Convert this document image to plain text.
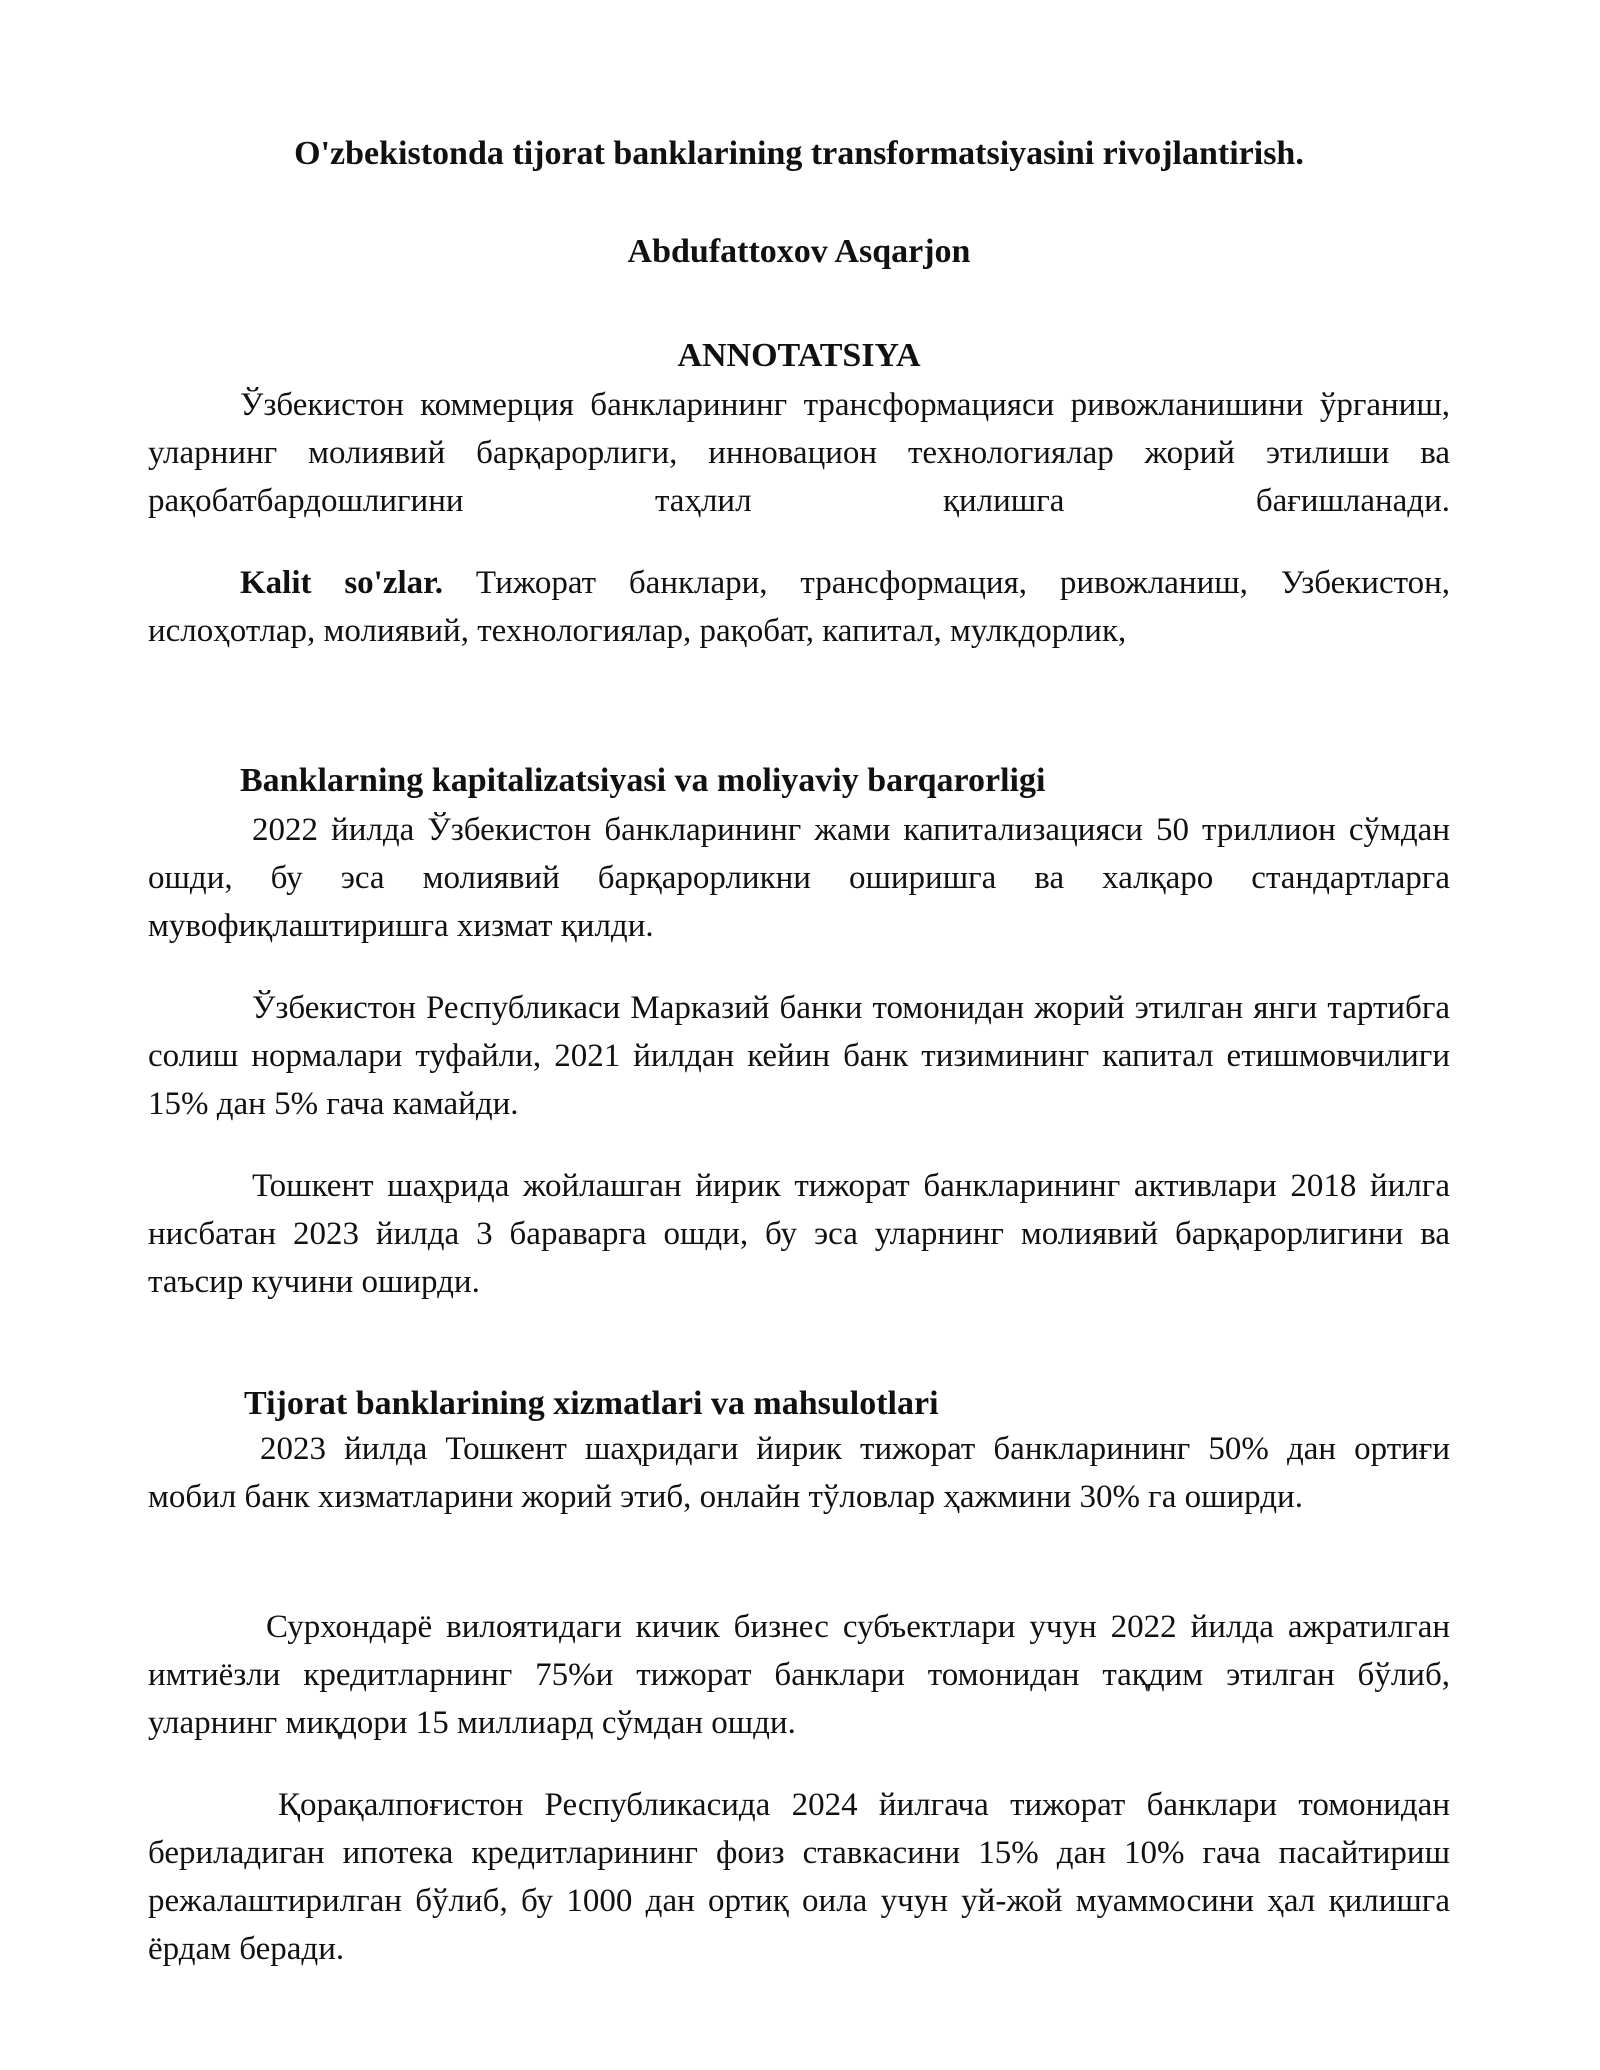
O'zbekistonda tijorat banklarining transformatsiyasini rivojlantirish.

Abdufattoxov Asqarjon

ANNOTATSIYA

Ўзбекистон коммерция банкларининг трансформацияси ривожланишини ўрганиш, уларнинг молиявий барқарорлиги, инновацион технологиялар жорий этилиши ва рақобатбардошлигини таҳлил қилишга бағишланади.

Kalit so'zlar. Тижорат банклари, трансформация, ривожланиш, Узбекистон, ислоҳотлар, молиявий, технологиялар, рақобат, капитал, мулкдорлик,

Banklarning kapitalizatsiyasi va moliyaviy barqarorligi

2022 йилда Ўзбекистон банкларининг жами капитализацияси 50 триллион сўмдан ошди, бу эса молиявий барқарорликни оширишга ва халқаро стандартларга мувофиқлаштиришга хизмат қилди.

Ўзбекистон Республикаси Марказий банки томонидан жорий этилган янги тартибга солиш нормалари туфайли, 2021 йилдан кейин банк тизимининг капитал етишмовчилиги 15% дан 5% гача камайди.

Тошкент шаҳрида жойлашган йирик тижорат банкларининг активлари 2018 йилга нисбатан 2023 йилда 3 бараварга ошди, бу эса уларнинг молиявий барқарорлигини ва таъсир кучини оширди.

Tijorat banklarining xizmatlari va mahsulotlari

2023 йилда Тошкент шаҳридаги йирик тижорат банкларининг 50% дан ортиғи мобил банк хизматларини жорий этиб, онлайн тўловлар ҳажмини 30% га оширди.

Сурхондарё вилоятидаги кичик бизнес субъектлари учун 2022 йилда ажратилган имтиёзли кредитларнинг 75%и тижорат банклари томонидан тақдим этилган бўлиб, уларнинг миқдори 15 миллиард сўмдан ошди.

Қорақалпоғистон Республикасида 2024 йилгача тижорат банклари томонидан бериладиган ипотека кредитларининг фоиз ставкасини 15% дан 10% гача пасайтириш режалаштирилган бўлиб, бу 1000 дан ортиқ оила учун уй-жой муаммосини ҳал қилишга ёрдам беради.
